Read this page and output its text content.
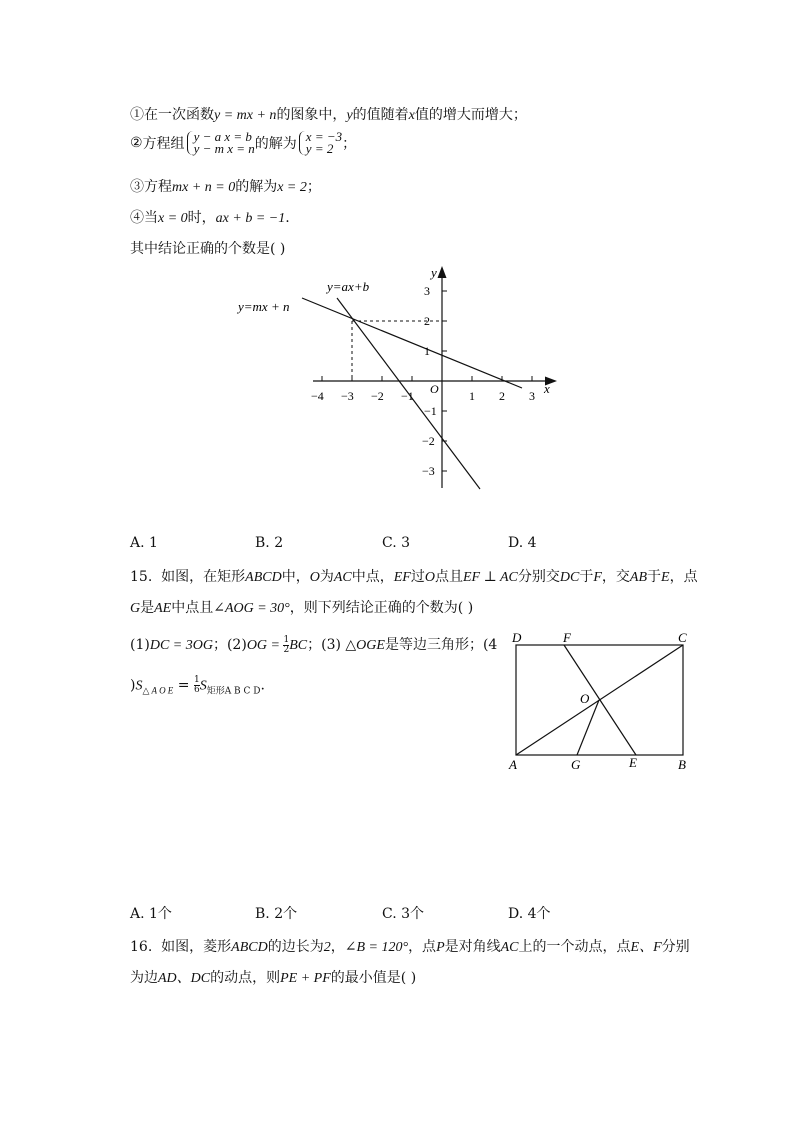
①在一次函数y = mx + n的图象中，y的值随着x值的增大而增大；
②方程组 y − a x = b
y − m x = n 的解为 x = −3
y = 2 ；
③方程mx + n = 0的解为x = 2；
④当x = 0时，ax + b = −1.
其中结论正确的个数是( )
y=ax+b
y=mx + n
y
x
O
−4 −3 −2 −1	1 2 3
3
2
1
−1
−2
−3
A. 1	B. 2	C. 3	D. 4
15. 如图，在矩形ABCD中，O为AC中点，EF过O点且EF ⊥ AC分别交DC于F，交AB于E，点
G是AE中点且∠AOG = 30°，则下列结论正确的个数为( )
(1)DC = 3OG；$(2)OG = \frac{1}{2}$ BC；(3) △OGE是等边三角形；(4
)$S_{\triangle A O E} = \frac{1}{6} S_{矩形A B C D}$.
D	F	C
O
A	G	E	B
A. 1个	B. 2个	C. 3个	D. 4个
16. 如图，菱形ABCD的边长为2，∠B = 120°，点P是对角线AC上的一个动点，点E、F分别
为边AD、DC的动点，则PE + PF的最小值是( )
